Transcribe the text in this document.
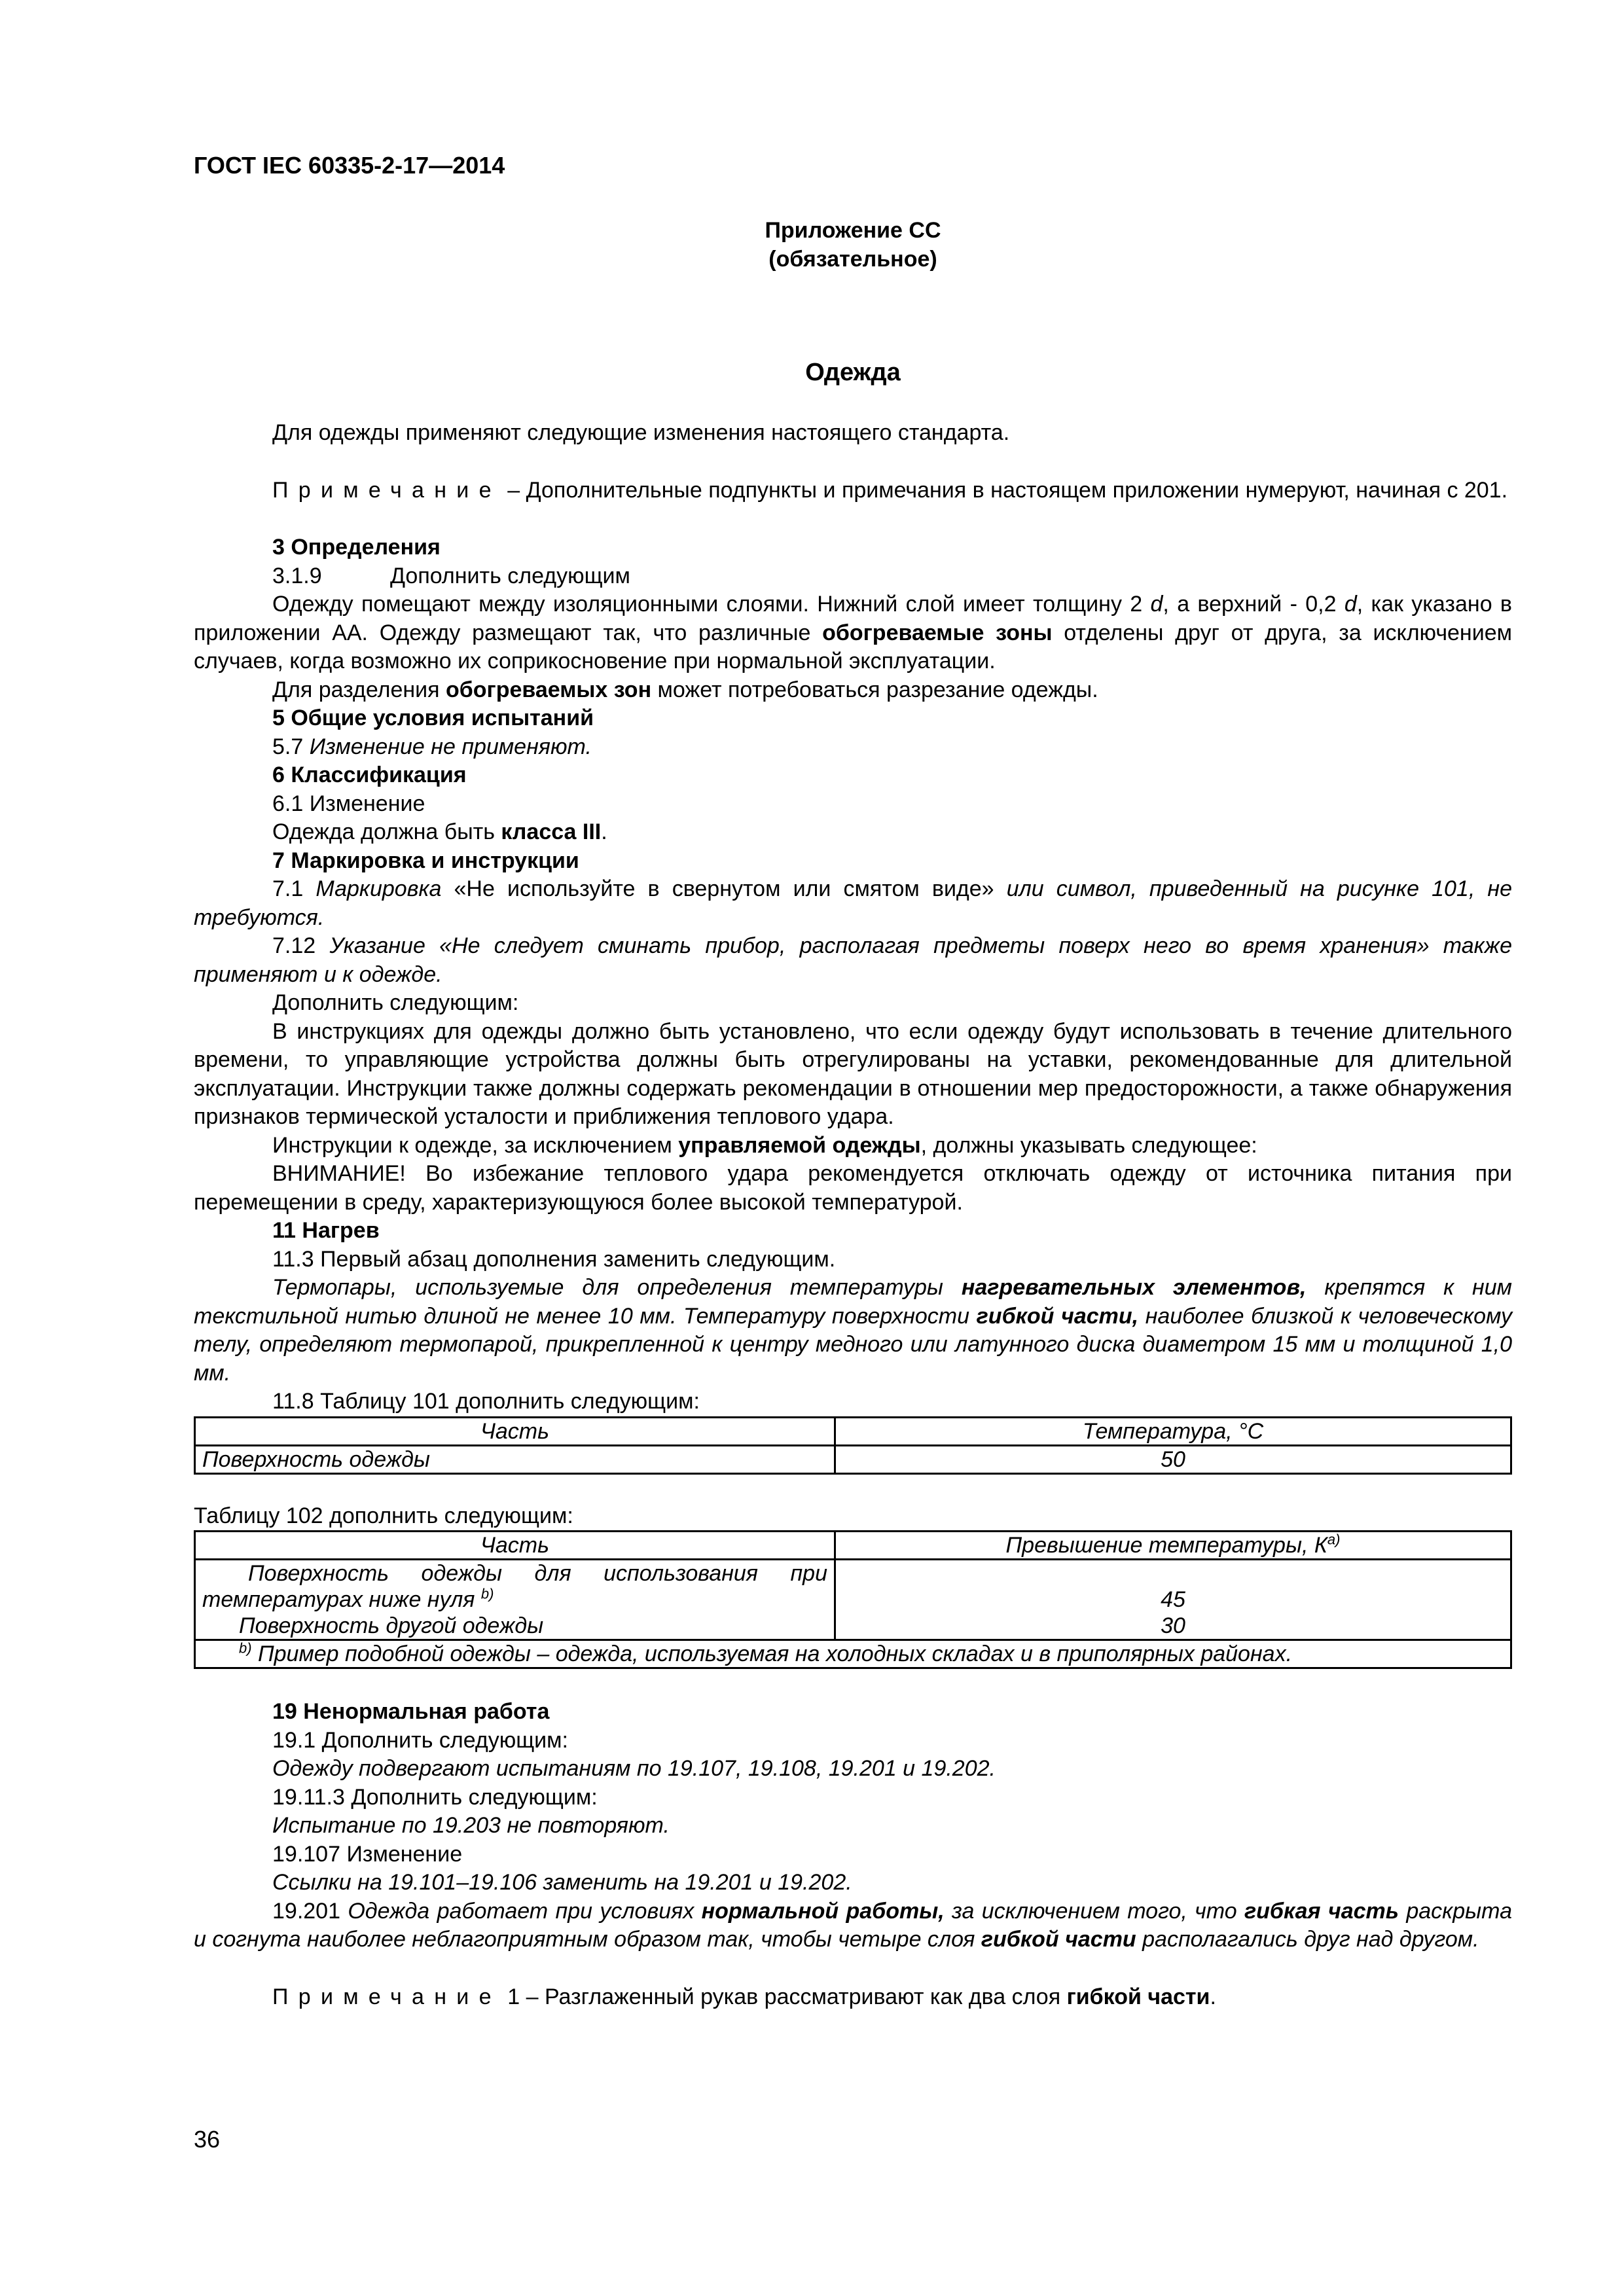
ГОСТ IEC 60335-2-17—2014
Приложение СС
(обязательное)
Одежда

Для одежды применяют следующие изменения настоящего стандарта.

Примечание – Дополнительные подпункты и примечания в настоящем приложении нумеруют, начиная с 201.

3 Определения

3.1.9	Дополнить следующим

Одежду помещают между изоляционными слоями. Нижний слой имеет толщину 2 d, а верхний - 0,2 d, как указано в приложении АА. Одежду размещают так, что различные обогреваемые зоны отделены друг от друга, за исключением случаев, когда возможно их соприкосновение при нормальной эксплуатации.

Для разделения обогреваемых зон может потребоваться разрезание одежды.

5 Общие условия испытаний

5.7 Изменение не применяют.

6 Классификация

6.1 Изменение

Одежда должна быть класса III.

7 Маркировка и инструкции

7.1 Маркировка «Не используйте в свернутом или смятом виде» или символ, приведенный на рисунке 101, не требуются.

7.12 Указание «Не следует сминать прибор, располагая предметы поверх него во время хранения» также применяют и к одежде.

Дополнить следующим:

В инструкциях для одежды должно быть установлено, что если одежду будут использовать в течение длительного времени, то управляющие устройства должны быть отрегулированы на уставки, рекомендованные для длительной эксплуатации. Инструкции также должны содержать рекомендации в отношении мер предосторожности, а также обнаружения признаков термической усталости и приближения теплового удара.

Инструкции к одежде, за исключением управляемой одежды, должны указывать следующее:

ВНИМАНИЕ! Во избежание теплового удара рекомендуется отключать одежду от источника питания при перемещении в среду, характеризующуюся более высокой температурой.

11 Нагрев

11.3 Первый абзац дополнения заменить следующим.

Термопары, используемые для определения температуры нагревательных элементов, крепятся к ним текстильной нитью длиной не менее 10 мм. Температуру поверхности гибкой части, наиболее близкой к человеческому телу, определяют термопарой, прикрепленной к центру медного или латунного диска диаметром 15 мм и толщиной 1,0 мм.

11.8 Таблицу 101 дополнить следующим:

Часть	Температура, °С
Поверхность одежды	50

Таблицу 102 дополнить следующим:

Часть	Превышение температуры, $К^{a)}$
Поверхность одежды для использования при температурах ниже нуля $^{b)}$	45
Поверхность другой одежды	30
$^{b)}$ Пример подобной одежды – одежда, используемая на холодных складах и в приполярных районах.	

19 Ненормальная работа

19.1 Дополнить следующим:

Одежду подвергают испытаниям по 19.107, 19.108, 19.201 и 19.202.

19.11.3 Дополнить следующим:

Испытание по 19.203 не повторяют.

19.107 Изменение

Ссылки на 19.101–19.106 заменить на 19.201 и 19.202.

19.201 Одежда работает при условиях нормальной работы, за исключением того, что гибкая часть раскрыта и согнута наиболее неблагоприятным образом так, чтобы четыре слоя гибкой части располагались друг над другом.

Примечание 1 – Разглаженный рукав рассматривают как два слоя гибкой части.

36
